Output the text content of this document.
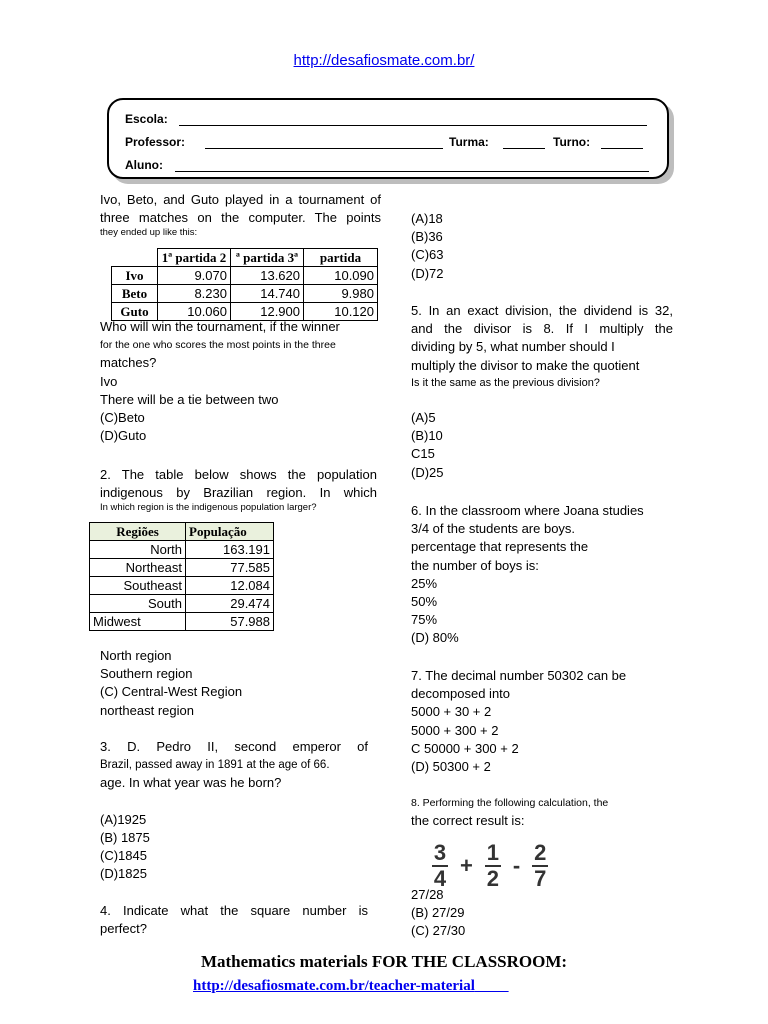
http://desafiosmate.com.br/
Escola:
Professor:	Turma:	Turno:
Aluno:

Ivo, Beto, and Guto played in a tournament of

three matches on the computer. The points

they ended up like this:

	1ª partida 2	ª partida 3ª	partida
Ivo	9.070	13.620	10.090
Beto	8.230	14.740	9.980
Guto	10.060	12.900	10.120

Who will win the tournament, if the winner

for the one who scores the most points in the three

matches?

Ivo

There will be a tie between two

(C)Beto

(D)Guto

2. The table below shows the population

indigenous by Brazilian region. In which

In which region is the indigenous population larger?

Regiões	População
North	163.191
Northeast	77.585
Southeast	12.084
South	29.474
Midwest	57.988

North region

Southern region

(C) Central-West Region

northeast region

3. D. Pedro II, second emperor of

Brazil, passed away in 1891 at the age of 66.

age. In what year was he born?

(A)1925

(B) 1875

(C)1845

(D)1825

4. Indicate what the square number is

perfect?

(A)18

(B)36

(C)63

(D)72

5. In an exact division, the dividend is 32,

and the divisor is 8. If I multiply the

dividing by 5, what number should I

multiply the divisor to make the quotient

Is it the same as the previous division?

(A)5

(B)10

C15

(D)25

6. In the classroom where Joana studies

3/4 of the students are boys.

percentage that represents the

the number of boys is:

25%

50%

75%

(D) 80%

7. The decimal number 50302 can be

decomposed into

5000 + 30 + 2

5000 + 300 + 2

C 50000 + 300 + 2

(D) 50300 + 2

8. Performing the following calculation, the

the correct result is:

$\frac{3}{4} + \frac{1}{2} - \frac{2}{7}$

27/28

(B) 27/29

(C) 27/30

Mathematics materials FOR THE CLASSROOM:
http://desafiosmate.com.br/teacher-material
